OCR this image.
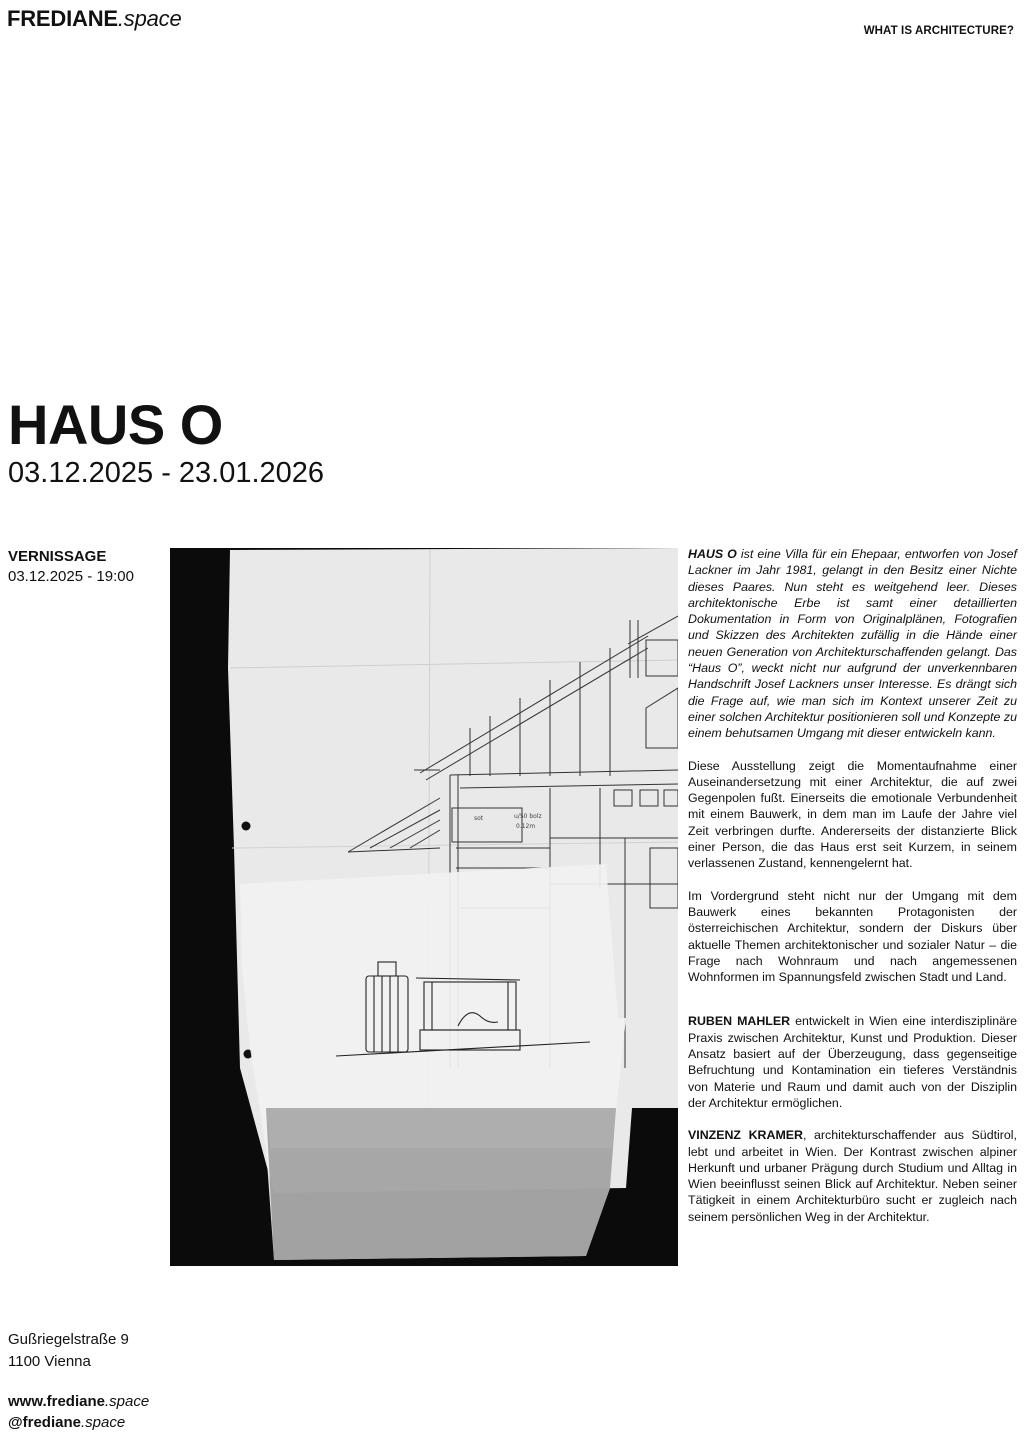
FREDIANE.space	WHAT IS ARCHITECTURE?
HAUS O
03.12.2025 - 23.01.2026
VERNISSAGE
03.12.2025 - 19:00
sot	u/50 bolz
0.12m

HAUS O ist eine Villa für ein Ehepaar, entworfen von Josef Lackner im Jahr 1981, gelangt in den Besitz einer Nichte dieses Paares. Nun steht es weitgehend leer. Dieses architektonische Erbe ist samt einer detaillierten Dokumentation in Form von Originalplänen, Fotografien und Skizzen des Architekten zufällig in die Hände einer neuen Generation von Architekturschaffenden gelangt. Das “Haus O”, weckt nicht nur aufgrund der unverkennbaren Handschrift Josef Lackners unser Interesse. Es drängt sich die Frage auf, wie man sich im Kontext unserer Zeit zu einer solchen Architektur positionieren soll und Konzepte zu einem behutsamen Umgang mit dieser entwickeln kann.

Diese Ausstellung zeigt die Momentaufnahme einer Auseinandersetzung mit einer Architektur, die auf zwei Gegenpolen fußt. Einerseits die emotionale Verbundenheit mit einem Bauwerk, in dem man im Laufe der Jahre viel Zeit verbringen durfte. Andererseits der distanzierte Blick einer Person, die das Haus erst seit Kurzem, in seinem verlassenen Zustand, kennengelernt hat.

Im Vordergrund steht nicht nur der Umgang mit dem Bauwerk eines bekannten Protagonisten der österreichischen Architektur, sondern der Diskurs über aktuelle Themen architektonischer und sozialer Natur – die Frage nach Wohnraum und nach angemessenen Wohnformen im Spannungsfeld zwischen Stadt und Land.

RUBEN MAHLER entwickelt in Wien eine interdisziplinäre Praxis zwischen Architektur, Kunst und Produktion. Dieser Ansatz basiert auf der Überzeugung, dass gegenseitige Befruchtung und Kontamination ein tieferes Verständnis von Materie und Raum und damit auch von der Disziplin der Architektur ermöglichen.

VINZENZ KRAMER, architekturschaffender aus Südtirol, lebt und arbeitet in Wien. Der Kontrast zwischen alpiner Herkunft und urbaner Prägung durch Studium und Alltag in Wien beeinflusst seinen Blick auf Architektur. Neben seiner Tätigkeit in einem Architekturbüro sucht er zugleich nach seinem persönlichen Weg in der Architektur.

Gußriegelstraße 9
1100 Vienna
www.frediane.space
@frediane.space
